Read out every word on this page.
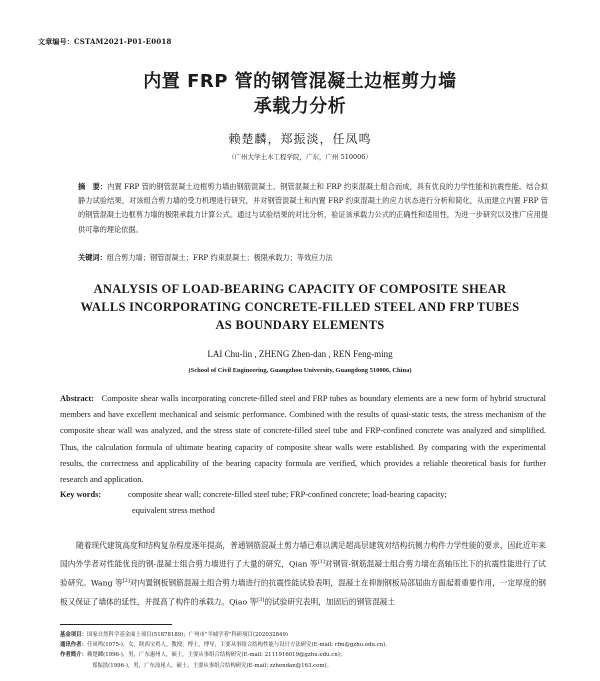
文章编号：CSTAM2021-P01-E0018
内置 FRP 管的钢管混凝土边框剪力墙
承载力分析
赖楚麟，郑振淡，任凤鸣
（广州大学土木工程学院，广东，广州 510006）
摘　要：内置 FRP 管的钢管混凝土边框剪力墙由钢筋混凝土、钢管混凝土和 FRP 约束混凝土组合而成，具有优良的力学性能和抗震性能。结合拟静力试验结果，对该组合剪力墙的受力机理进行研究，并对钢管混凝土和内置 FRP 约束混凝土的应力状态进行分析和简化，从而建立内置 FRP 管的钢管混凝土边框剪力墙的极限承载力计算公式。通过与试验结果的对比分析，验证该承载力公式的正确性和适用性，为进一步研究以及推广应用提供可靠的理论依据。
关键词：组合剪力墙；钢管混凝土；FRP 约束混凝土；极限承载力；等效应力法
ANALYSIS OF LOAD-BEARING CAPACITY OF COMPOSITE SHEAR
WALLS INCORPORATING CONCRETE-FILLED STEEL AND FRP TUBES
AS BOUNDARY ELEMENTS
LAI Chu-lin , ZHENG Zhen-dan , REN Feng-ming
(School of Civil Engineering, Guangzhou University, Guangdong 510006, China)
Abstract: Composite shear walls incorporating concrete-filled steel and FRP tubes as boundary elements are a new form of hybrid structural members and have excellent mechanical and seismic performance. Combined with the results of quasi-static tests, the stress mechanism of the composite shear wall was analyzed, and the stress state of concrete-filled steel tube and FRP-confined concrete was analyzed and simplified. Thus, the calculation formula of ultimate bearing capacity of composite shear walls were established. By comparing with the experimental results, the correctness and applicability of the bearing capacity formula are verified, which provides a reliable theoretical basis for further research and application.
Key words:	composite shear wall; concrete-filled steel tube; FRP-confined concrete; load-bearing capacity;
equivalent stress method
随着现代建筑高度和结构复杂程度逐年提高，普通钢筋混凝土剪力墙已难以满足超高层建筑对结构抗侧力构件力学性能的要求，因此近年来国内外学者对性能优良的钢-混凝土组合剪力墙进行了大量的研究，Qian 等[1]对钢管-钢筋混凝土组合剪力墙在高轴压比下的抗震性能进行了试验研究。Wang 等[2]对内置钢板钢筋混凝土组合剪力墙进行的抗震性能试验表明，混凝土在抑制钢板局部屈曲方面起着重要作用，一定厚度的钢板又保证了墙体的延性，并提高了构件的承载力。Qiao 等[3]的试验研究表明，加固后的钢管混凝土
基金项目：国家自然科学基金面上项目(51878189)；广州市"羊城学者"科研项目(202032849)
通讯作者：任凤鸣(1975-)，女，陕西宝鸡人，教授，博士，博导，主要从事组合结构性能与设计方法研究(E-mail: rfm@gzhu.edu.cn)。
作者简介：赖楚麟(1996-)，男，广东惠州人，硕士，主要从事组合结构研究(E-mail: 2111916019@gzhu.edu.cn)；
郑振淡(1996-)，男，广东汕尾人，硕士，主要从事组合结构研究(E-mail: zzhendan@163.com)。
